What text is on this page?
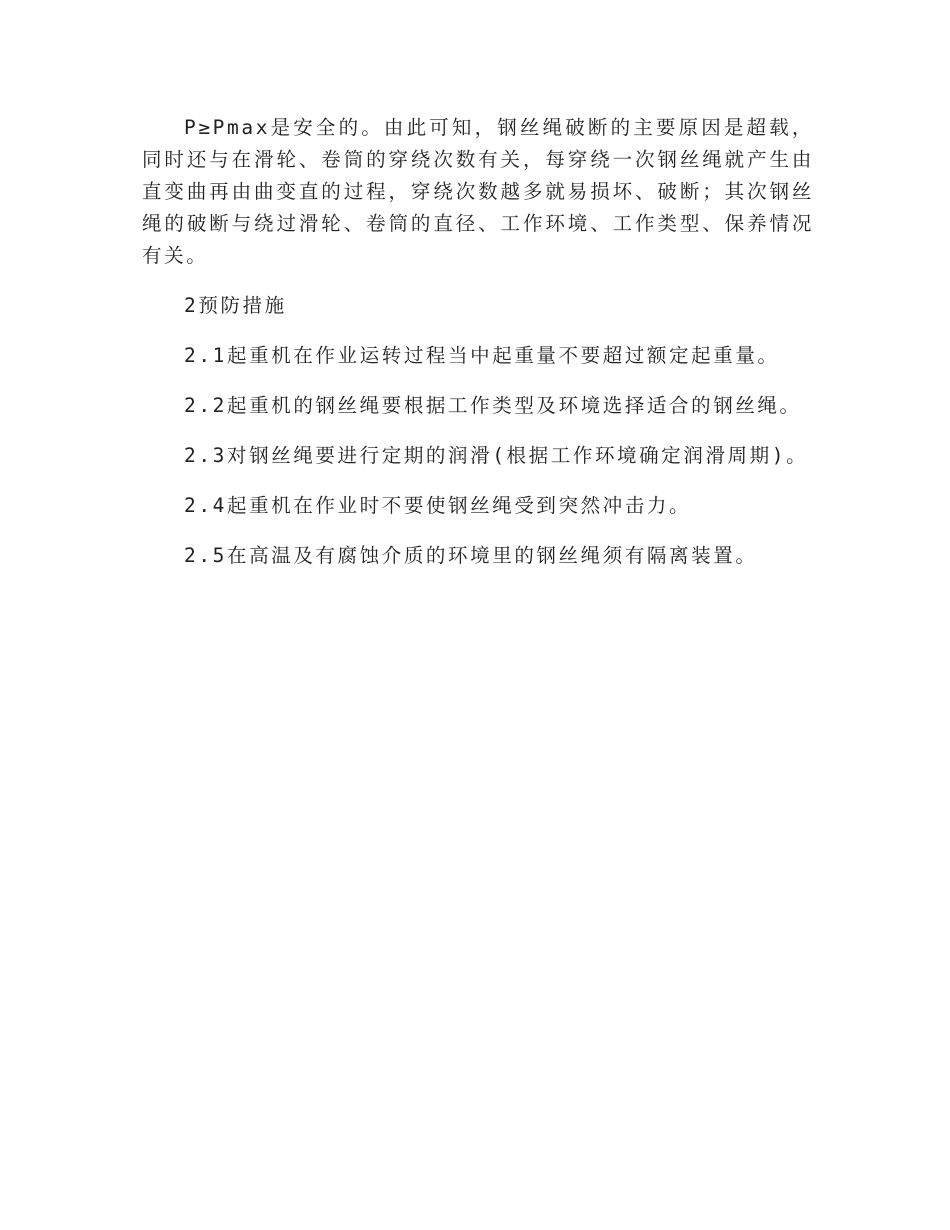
P≥Pmax是安全的。由此可知，钢丝绳破断的主要原因是超载，同时还与在滑轮、卷筒的穿绕次数有关，每穿绕一次钢丝绳就产生由直变曲再由曲变直的过程，穿绕次数越多就易损坏、破断；其次钢丝绳的破断与绕过滑轮、卷筒的直径、工作环境、工作类型、保养情况有关。

2预防措施

2.1起重机在作业运转过程当中起重量不要超过额定起重量。

2.2起重机的钢丝绳要根据工作类型及环境选择适合的钢丝绳。

2.3对钢丝绳要进行定期的润滑(根据工作环境确定润滑周期)。

2.4起重机在作业时不要使钢丝绳受到突然冲击力。

2.5在高温及有腐蚀介质的环境里的钢丝绳须有隔离装置。
